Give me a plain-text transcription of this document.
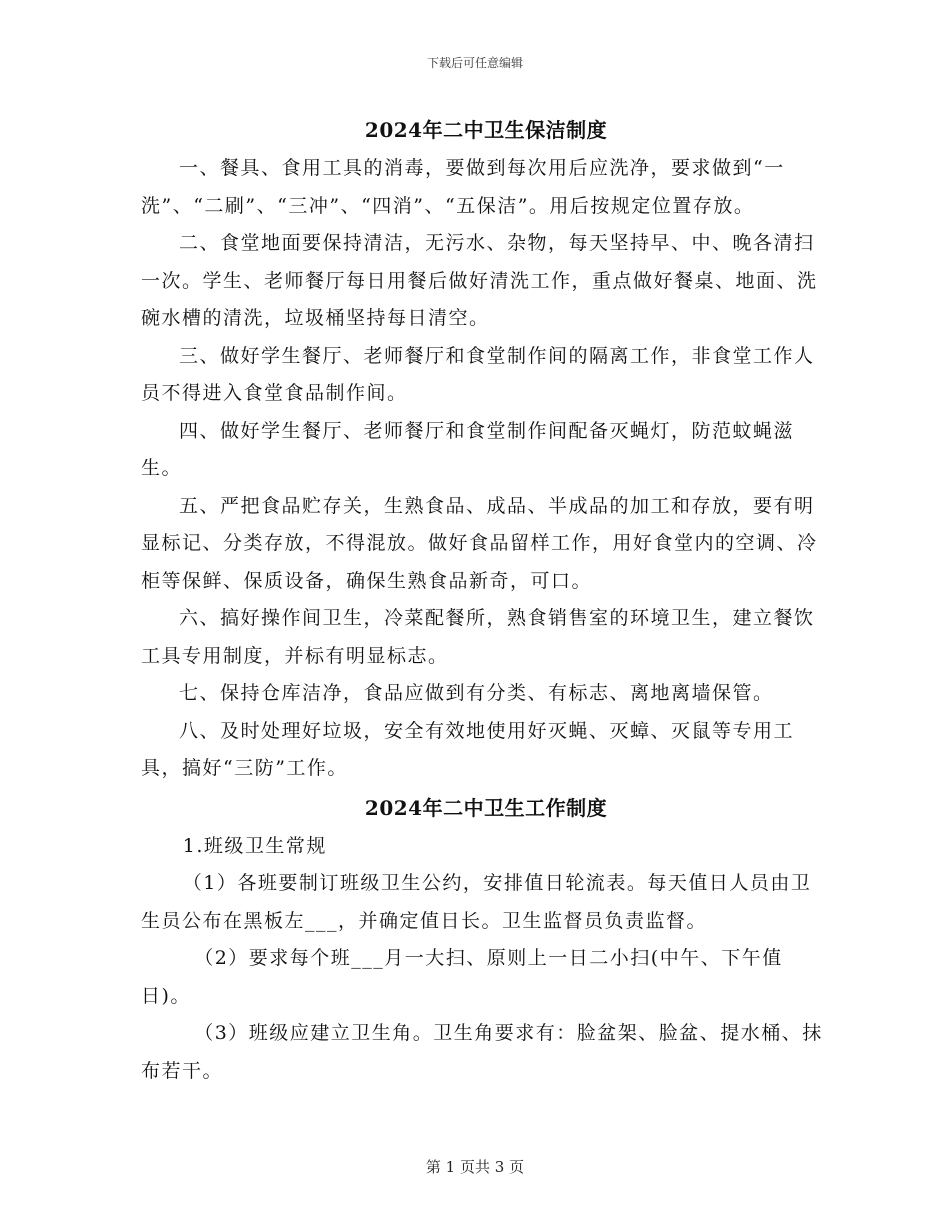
下载后可任意编辑
2024年二中卫生保洁制度

一、餐具、食用工具的消毒，要做到每次用后应洗净，要求做到“一洗”、“二刷”、“三冲”、“四消”、“五保洁”。用后按规定位置存放。

二、食堂地面要保持清洁，无污水、杂物，每天坚持早、中、晚各清扫一次。学生、老师餐厅每日用餐后做好清洗工作，重点做好餐桌、地面、洗碗水槽的清洗，垃圾桶坚持每日清空。

三、做好学生餐厅、老师餐厅和食堂制作间的隔离工作，非食堂工作人员不得进入食堂食品制作间。

四、做好学生餐厅、老师餐厅和食堂制作间配备灭蝇灯，防范蚊蝇滋生。

五、严把食品贮存关，生熟食品、成品、半成品的加工和存放，要有明显标记、分类存放，不得混放。做好食品留样工作，用好食堂内的空调、冷柜等保鲜、保质设备，确保生熟食品新奇，可口。

六、搞好操作间卫生，冷菜配餐所，熟食销售室的环境卫生，建立餐饮工具专用制度，并标有明显标志。

七、保持仓库洁净，食品应做到有分类、有标志、离地离墙保管。

八、及时处理好垃圾，安全有效地使用好灭蝇、灭蟑、灭鼠等专用工具，搞好“三防”工作。

2024年二中卫生工作制度

1.班级卫生常规

（1）各班要制订班级卫生公约，安排值日轮流表。每天值日人员由卫生员公布在黑板左___，并确定值日长。卫生监督员负责监督。

（2）要求每个班___月一大扫、原则上一日二小扫(中午、下午值日)。

（3）班级应建立卫生角。卫生角要求有：脸盆架、脸盆、提水桶、抹布若干。

第 1 页共 3 页
